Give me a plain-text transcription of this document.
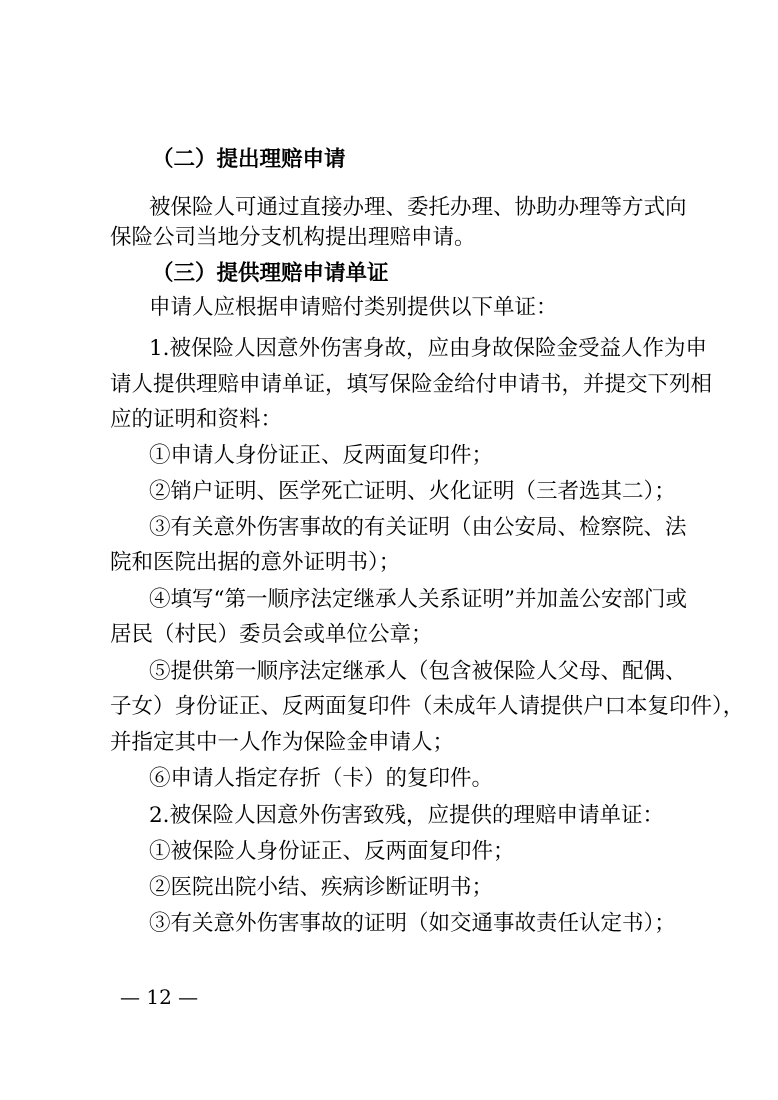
（二）提出理赔申请
被保险人可通过直接办理、委托办理、协助办理等方式向
保险公司当地分支机构提出理赔申请。
（三）提供理赔申请单证
申请人应根据申请赔付类别提供以下单证：
1.被保险人因意外伤害身故，应由身故保险金受益人作为申
请人提供理赔申请单证，填写保险金给付申请书，并提交下列相
应的证明和资料：
①申请人身份证正、反两面复印件；
②销户证明、医学死亡证明、火化证明（三者选其二）；
③有关意外伤害事故的有关证明（由公安局、检察院、法
院和医院出据的意外证明书）；
④填写“第一顺序法定继承人关系证明”并加盖公安部门或
居民（村民）委员会或单位公章；
⑤提供第一顺序法定继承人（包含被保险人父母、配偶、
子女）身份证正、反两面复印件（未成年人请提供户口本复印件），
并指定其中一人作为保险金申请人；
⑥申请人指定存折（卡）的复印件。
2.被保险人因意外伤害致残，应提供的理赔申请单证：
①被保险人身份证正、反两面复印件；
②医院出院小结、疾病诊断证明书；
③有关意外伤害事故的证明（如交通事故责任认定书）；
— 12 —
